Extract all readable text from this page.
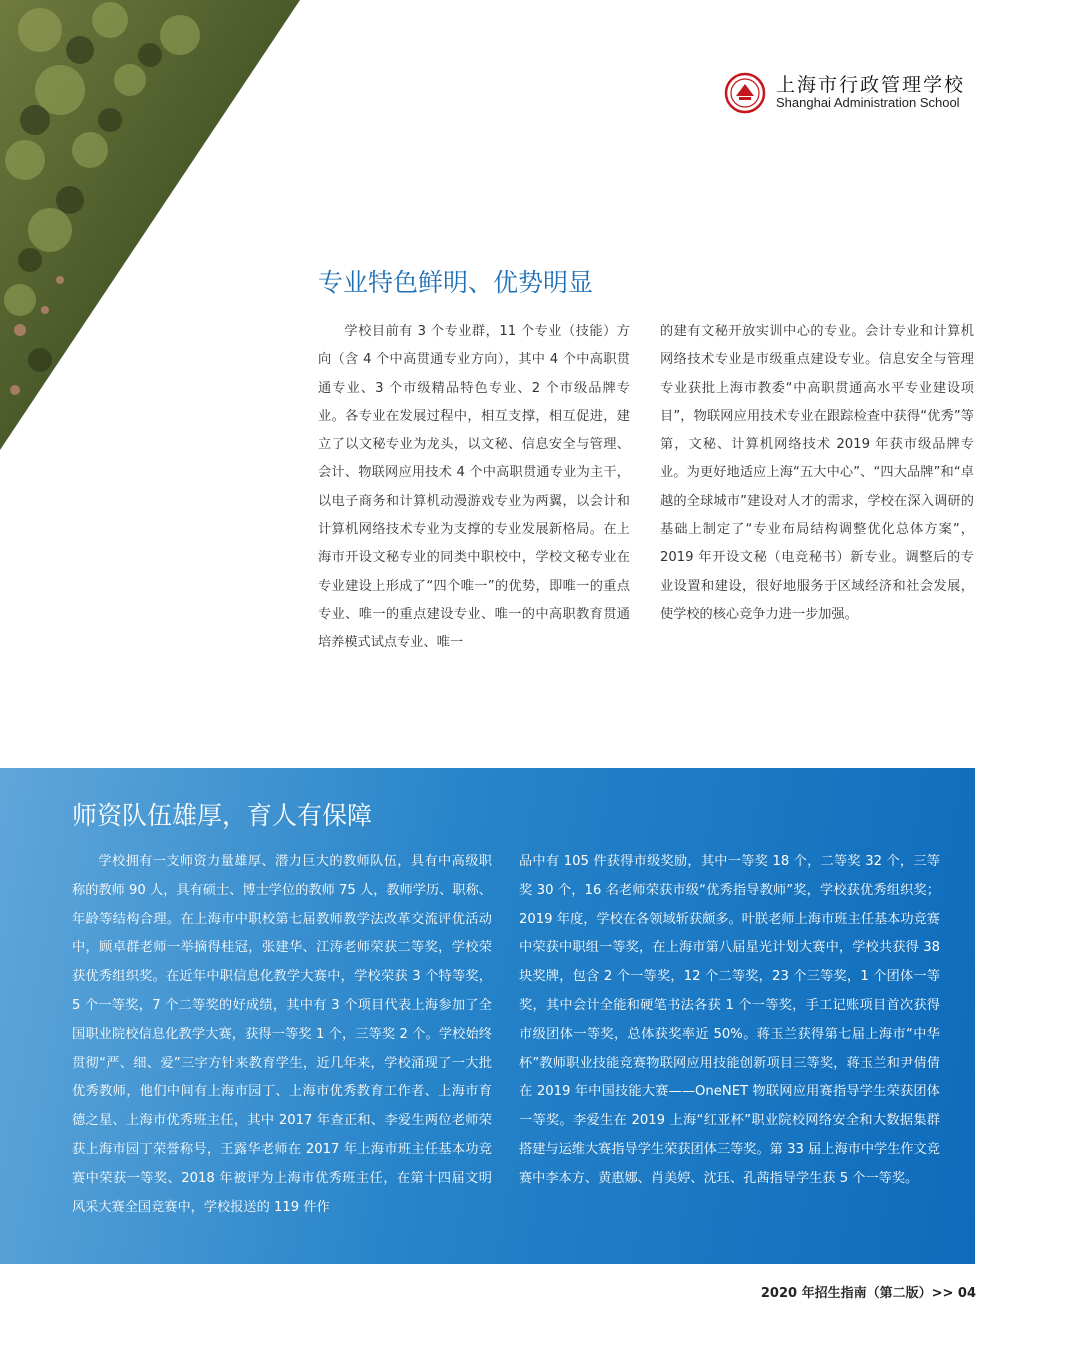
上海市行政管理学校
Shanghai Administration School
专业特色鲜明、优势明显

学校目前有 3 个专业群，11 个专业（技能）方向（含 4 个中高贯通专业方向），其中 4 个中高职贯通专业、3 个市级精品特色专业、2 个市级品牌专业。各专业在发展过程中，相互支撑，相互促进，建立了以文秘专业为龙头，以文秘、信息安全与管理、会计、物联网应用技术 4 个中高职贯通专业为主干，以电子商务和计算机动漫游戏专业为两翼，以会计和计算机网络技术专业为支撑的专业发展新格局。在上海市开设文秘专业的同类中职校中，学校文秘专业在专业建设上形成了“四个唯一”的优势，即唯一的重点专业、唯一的重点建设专业、唯一的中高职教育贯通培养模式试点专业、唯一

的建有文秘开放实训中心的专业。会计专业和计算机网络技术专业是市级重点建设专业。信息安全与管理专业获批上海市教委“中高职贯通高水平专业建设项目”，物联网应用技术专业在跟踪检查中获得“优秀”等第，文秘、计算机网络技术 2019 年获市级品牌专业。为更好地适应上海“五大中心”、“四大品牌”和“卓越的全球城市”建设对人才的需求，学校在深入调研的基础上制定了“专业布局结构调整优化总体方案”，2019 年开设文秘（电竞秘书）新专业。调整后的专业设置和建设，很好地服务于区域经济和社会发展，使学校的核心竞争力进一步加强。

师资队伍雄厚，育人有保障

学校拥有一支师资力量雄厚、潜力巨大的教师队伍，具有中高级职称的教师 90 人，具有硕士、博士学位的教师 75 人，教师学历、职称、年龄等结构合理。在上海市中职校第七届教师教学法改革交流评优活动中，顾卓群老师一举摘得桂冠，张建华、江涛老师荣获二等奖，学校荣获优秀组织奖。在近年中职信息化教学大赛中，学校荣获 3 个特等奖，5 个一等奖，7 个二等奖的好成绩，其中有 3 个项目代表上海参加了全国职业院校信息化教学大赛，获得一等奖 1 个，三等奖 2 个。学校始终贯彻“严、细、爱”三字方针来教育学生，近几年来，学校涌现了一大批优秀教师，他们中间有上海市园丁、上海市优秀教育工作者、上海市育德之星、上海市优秀班主任，其中 2017 年查正和、李爱生两位老师荣获上海市园丁荣誉称号，王露华老师在 2017 年上海市班主任基本功竞赛中荣获一等奖、2018 年被评为上海市优秀班主任，在第十四届文明风采大赛全国竞赛中，学校报送的 119 件作

品中有 105 件获得市级奖励，其中一等奖 18 个，二等奖 32 个，三等奖 30 个，16 名老师荣获市级“优秀指导教师”奖，学校获优秀组织奖；2019 年度，学校在各领域斩获颇多。叶朕老师上海市班主任基本功竞赛中荣获中职组一等奖，在上海市第八届星光计划大赛中，学校共获得 38 块奖牌，包含 2 个一等奖，12 个二等奖，23 个三等奖，1 个团体一等奖，其中会计全能和硬笔书法各获 1 个一等奖，手工记账项目首次获得市级团体一等奖，总体获奖率近 50%。蒋玉兰获得第七届上海市“中华杯”教师职业技能竞赛物联网应用技能创新项目三等奖，蒋玉兰和尹倩倩在 2019 年中国技能大赛——OneNET 物联网应用赛指导学生荣获团体一等奖。李爱生在 2019 上海“红亚杯”职业院校网络安全和大数据集群搭建与运维大赛指导学生荣获团体三等奖。第 33 届上海市中学生作文竞赛中李本方、黄惠娜、肖美婷、沈珏、孔茜指导学生获 5 个一等奖。

2020 年招生指南（第二版）>> 04
